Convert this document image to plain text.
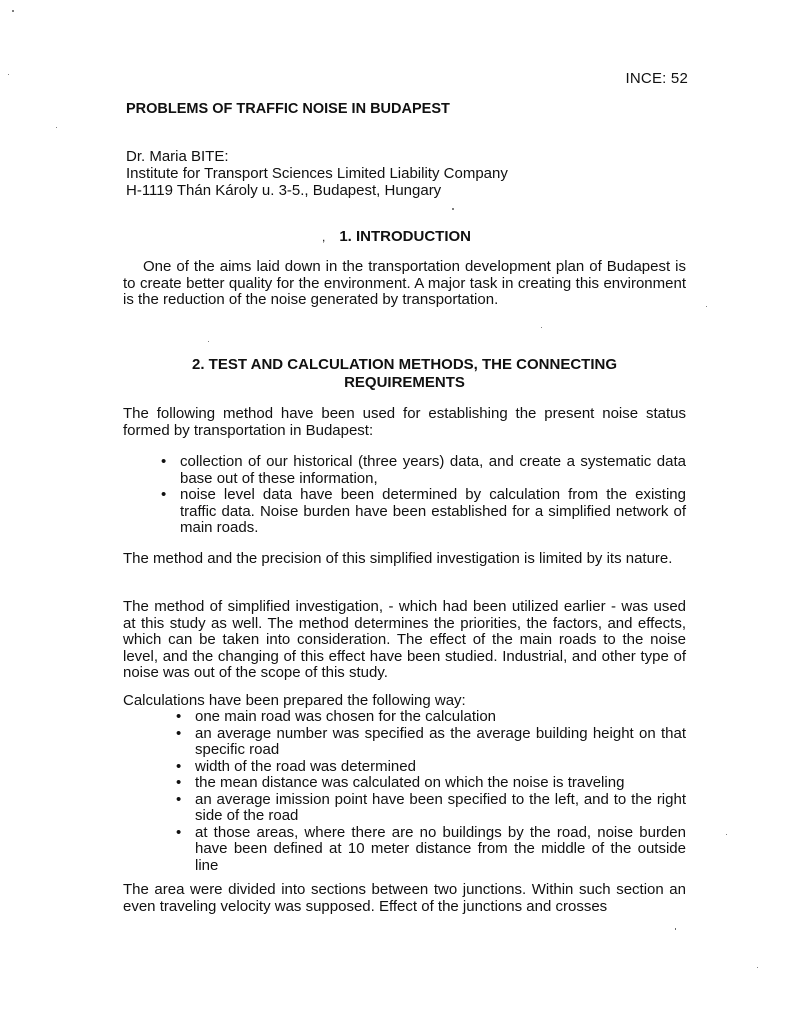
INCE: 52
PROBLEMS OF TRAFFIC NOISE IN BUDAPEST
Dr. Maria BITE:
Institute for Transport Sciences Limited Liability Company
H-1119 Thán Károly u. 3-5., Budapest, Hungary
, 1. INTRODUCTION
One of the aims laid down in the transportation development plan of Budapest is to create better quality for the environment. A major task in creating this environment is the reduction of the noise generated by transportation.
2. TEST AND CALCULATION METHODS, THE CONNECTING
REQUIREMENTS
The following method have been used for establishing the present noise status formed by transportation in Budapest:
• collection of our historical (three years) data, and create a systematic data base out of these information,
• noise level data have been determined by calculation from the existing traffic data. Noise burden have been established for a simplified network of main roads.
The method and the precision of this simplified investigation is limited by its nature.
The method of simplified investigation, - which had been utilized earlier - was used at this study as well. The method determines the priorities, the factors, and effects, which can be taken into consideration. The effect of the main roads to the noise level, and the changing of this effect have been studied. Industrial, and other type of noise was out of the scope of this study.
Calculations have been prepared the following way:
• one main road was chosen for the calculation
• an average number was specified as the average building height on that specific road
• width of the road was determined
• the mean distance was calculated on which the noise is traveling
• an average imission point have been specified to the left, and to the right side of the road
• at those areas, where there are no buildings by the road, noise burden have been defined at 10 meter distance from the middle of the outside line
The area were divided into sections between two junctions. Within such section an even traveling velocity was supposed. Effect of the junctions and crosses
